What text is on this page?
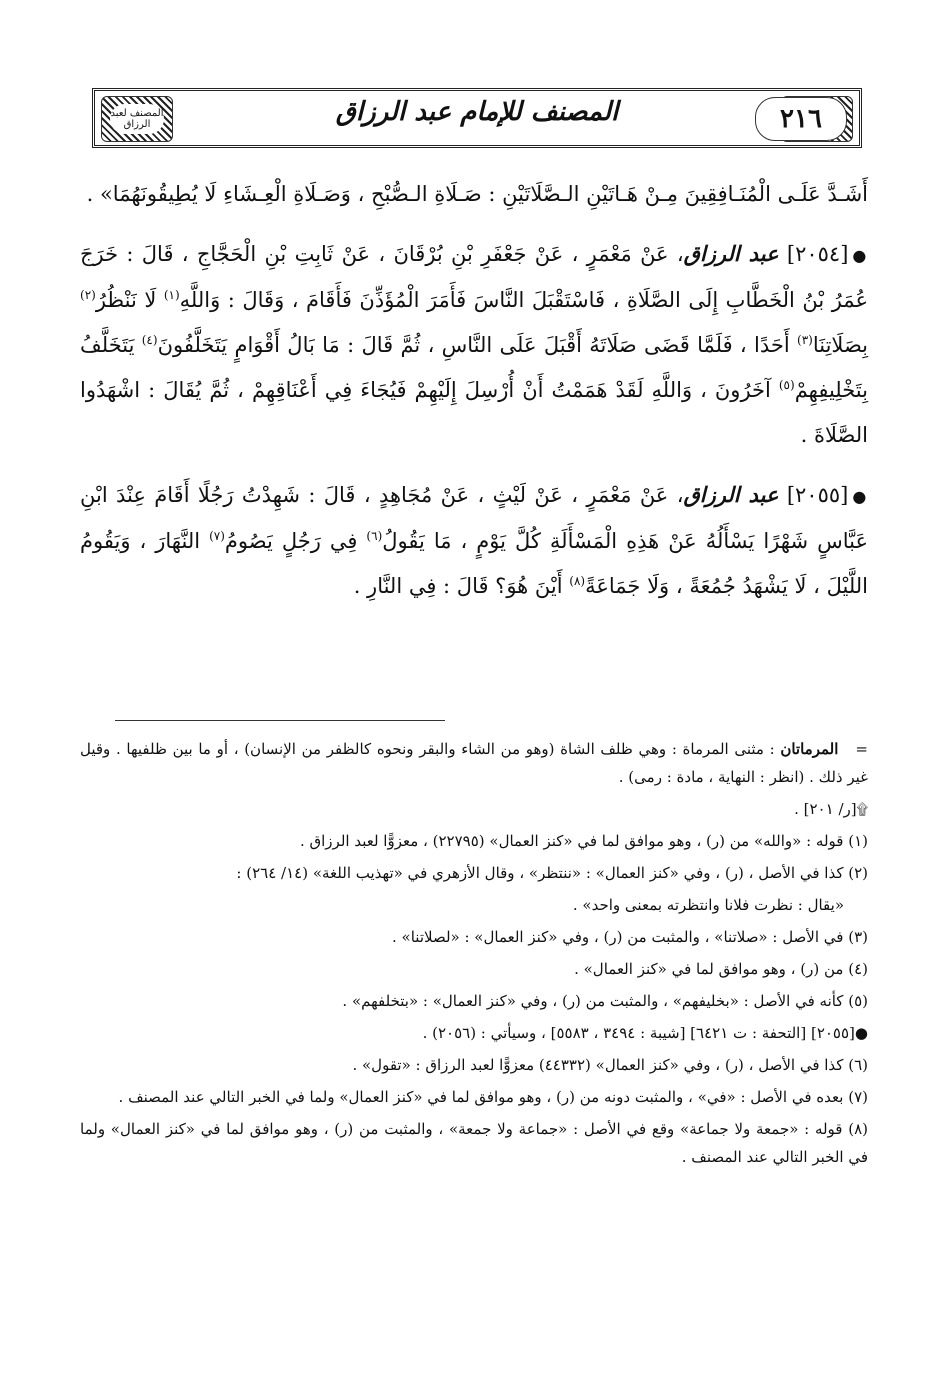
٢١٦
المصنف للإمام عبد الرزاق
المصنف لعبد الرزاق

أَشَـدَّ عَلَـى الْمُنَـافِقِينَ مِـنْ هَـاتَيْنِ الـصَّلَاتَيْنِ : صَـلَاةِ الـصُّبْحِ ، وَصَـلَاةِ الْعِـشَاءِ لَا يُطِيقُونَهُمَا» .

●[٢٠٥٤] عبد الرزاق، عَنْ مَعْمَرٍ ، عَنْ جَعْفَرِ بْنِ بُرْقَانَ ، عَنْ ثَابِتِ بْنِ الْحَجَّاجِ ، قَالَ : خَرَجَ عُمَرُ بْنُ الْخَطَّابِ إِلَى الصَّلَاةِ ، فَاسْتَقْبَلَ النَّاسَ فَأَمَرَ الْمُؤَذِّنَ فَأَقَامَ ، وَقَالَ : وَاللَّهِ$^{(١)}$ لَا نَنْظُرُ$^{(٢)}$ بِصَلَاتِنَا$^{(٣)}$ أَحَدًا ، فَلَمَّا قَضَى صَلَاتَهُ أَقْبَلَ عَلَى النَّاسِ ، ثُمَّ قَالَ : مَا بَالُ أَقْوَامٍ يَتَخَلَّفُونَ$^{(٤)}$ يَتَخَلَّفُ بِتَخْلِيفِهِمْ$^{(٥)}$ آخَرُونَ ، وَاللَّهِ لَقَدْ هَمَمْتُ أَنْ أُرْسِلَ إِلَيْهِمْ فَيُجَاءَ فِي أَعْنَاقِهِمْ ، ثُمَّ يُقَالَ : اشْهَدُوا الصَّلَاةَ .

●[٢٠٥٥] عبد الرزاق، عَنْ مَعْمَرٍ ، عَنْ لَيْثٍ ، عَنْ مُجَاهِدٍ ، قَالَ : شَهِدْتُ رَجُلًا أَقَامَ عِنْدَ ابْنِ عَبَّاسٍ شَهْرًا يَسْأَلُهُ عَنْ هَذِهِ الْمَسْأَلَةِ كُلَّ يَوْمٍ ، مَا يَقُولُ$^{(٦)}$ فِي رَجُلٍ يَصُومُ$^{(٧)}$ النَّهَارَ ، وَيَقُومُ اللَّيْلَ ، لَا يَشْهَدُ جُمُعَةً ، وَلَا جَمَاعَةً$^{(٨)}$ أَيْنَ هُوَ؟ قَالَ : فِي النَّارِ .

=   المرماتان : مثنى المرماة : وهي ظلف الشاة (وهو من الشاء والبقر ونحوه كالظفر من الإنسان) ، أو ما بين ظلفيها . وقيل غير ذلك . (انظر : النهاية ، مادة : رمى) .

۩[ر/ ٢٠١] .

(١) قوله : «والله» من (ر) ، وهو موافق لما في «كنز العمال» (٢٢٧٩٥) ، معزوًّا لعبد الرزاق .

(٢) كذا في الأصل ، (ر) ، وفي «كنز العمال» : «ننتظر» ، وقال الأزهري في «تهذيب اللغة» (١٤/ ٢٦٤) :

«يقال : نظرت فلانا وانتظرته بمعنى واحد» .

(٣) في الأصل : «صلاتنا» ، والمثبت من (ر) ، وفي «كنز العمال» : «لصلاتنا» .

(٤) من (ر) ، وهو موافق لما في «كنز العمال» .

(٥) كأنه في الأصل : «بخليفهم» ، والمثبت من (ر) ، وفي «كنز العمال» : «بتخلفهم» .

●[٢٠٥٥] [التحفة : ت ٦٤٢١] [شيبة : ٣٤٩٤ ، ٥٥٨٣] ، وسيأتي : (٢٠٥٦) .

(٦) كذا في الأصل ، (ر) ، وفي «كنز العمال» (٤٤٣٣٢) معزوًّا لعبد الرزاق : «تقول» .

(٧) بعده في الأصل : «في» ، والمثبت دونه من (ر) ، وهو موافق لما في «كنز العمال» ولما في الخبر التالي عند المصنف .

(٨) قوله : «جمعة ولا جماعة» وقع في الأصل : «جماعة ولا جمعة» ، والمثبت من (ر) ، وهو موافق لما في «كنز العمال» ولما في الخبر التالي عند المصنف .
